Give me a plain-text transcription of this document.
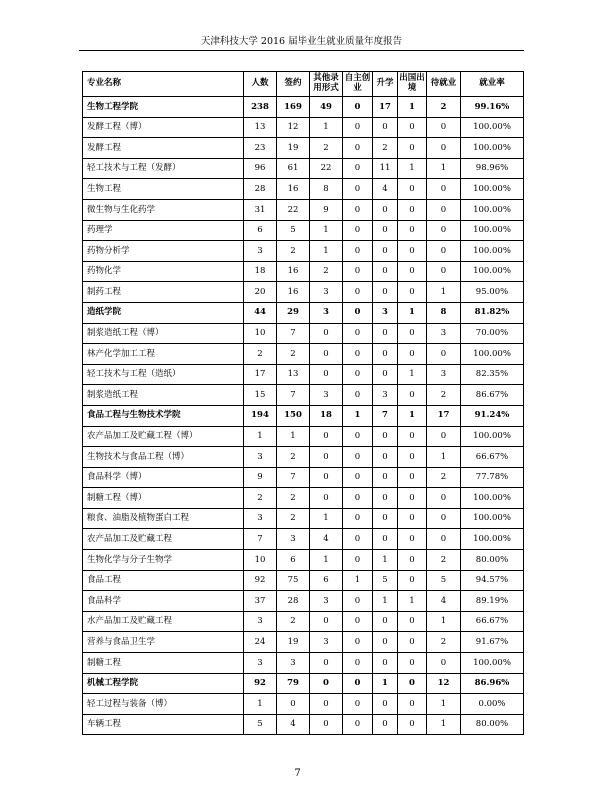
天津科技大学 2016 届毕业生就业质量年度报告
专业名称	人数	签约	其他录用形式	自主创业	升学	出国出境	待就业	就业率
生物工程学院	238	169	49	0	17	1	2	99.16%
发酵工程（博）	13	12	1	0	0	0	0	100.00%
发酵工程	23	19	2	0	2	0	0	100.00%
轻工技术与工程（发酵）	96	61	22	0	11	1	1	98.96%
生物工程	28	16	8	0	4	0	0	100.00%
微生物与生化药学	31	22	9	0	0	0	0	100.00%
药理学	6	5	1	0	0	0	0	100.00%
药物分析学	3	2	1	0	0	0	0	100.00%
药物化学	18	16	2	0	0	0	0	100.00%
制药工程	20	16	3	0	0	0	1	95.00%
造纸学院	44	29	3	0	3	1	8	81.82%
制浆造纸工程（博）	10	7	0	0	0	0	3	70.00%
林产化学加工工程	2	2	0	0	0	0	0	100.00%
轻工技术与工程（造纸）	17	13	0	0	0	1	3	82.35%
制浆造纸工程	15	7	3	0	3	0	2	86.67%
食品工程与生物技术学院	194	150	18	1	7	1	17	91.24%
农产品加工及贮藏工程（博）	1	1	0	0	0	0	0	100.00%
生物技术与食品工程（博）	3	2	0	0	0	0	1	66.67%
食品科学（博）	9	7	0	0	0	0	2	77.78%
制糖工程（博）	2	2	0	0	0	0	0	100.00%
粮食、油脂及植物蛋白工程	3	2	1	0	0	0	0	100.00%
农产品加工及贮藏工程	7	3	4	0	0	0	0	100.00%
生物化学与分子生物学	10	6	1	0	1	0	2	80.00%
食品工程	92	75	6	1	5	0	5	94.57%
食品科学	37	28	3	0	1	1	4	89.19%
水产品加工及贮藏工程	3	2	0	0	0	0	1	66.67%
营养与食品卫生学	24	19	3	0	0	0	2	91.67%
制糖工程	3	3	0	0	0	0	0	100.00%
机械工程学院	92	79	0	0	1	0	12	86.96%
轻工过程与装备（博）	1	0	0	0	0	0	1	0.00%
车辆工程	5	4	0	0	0	0	1	80.00%
7
